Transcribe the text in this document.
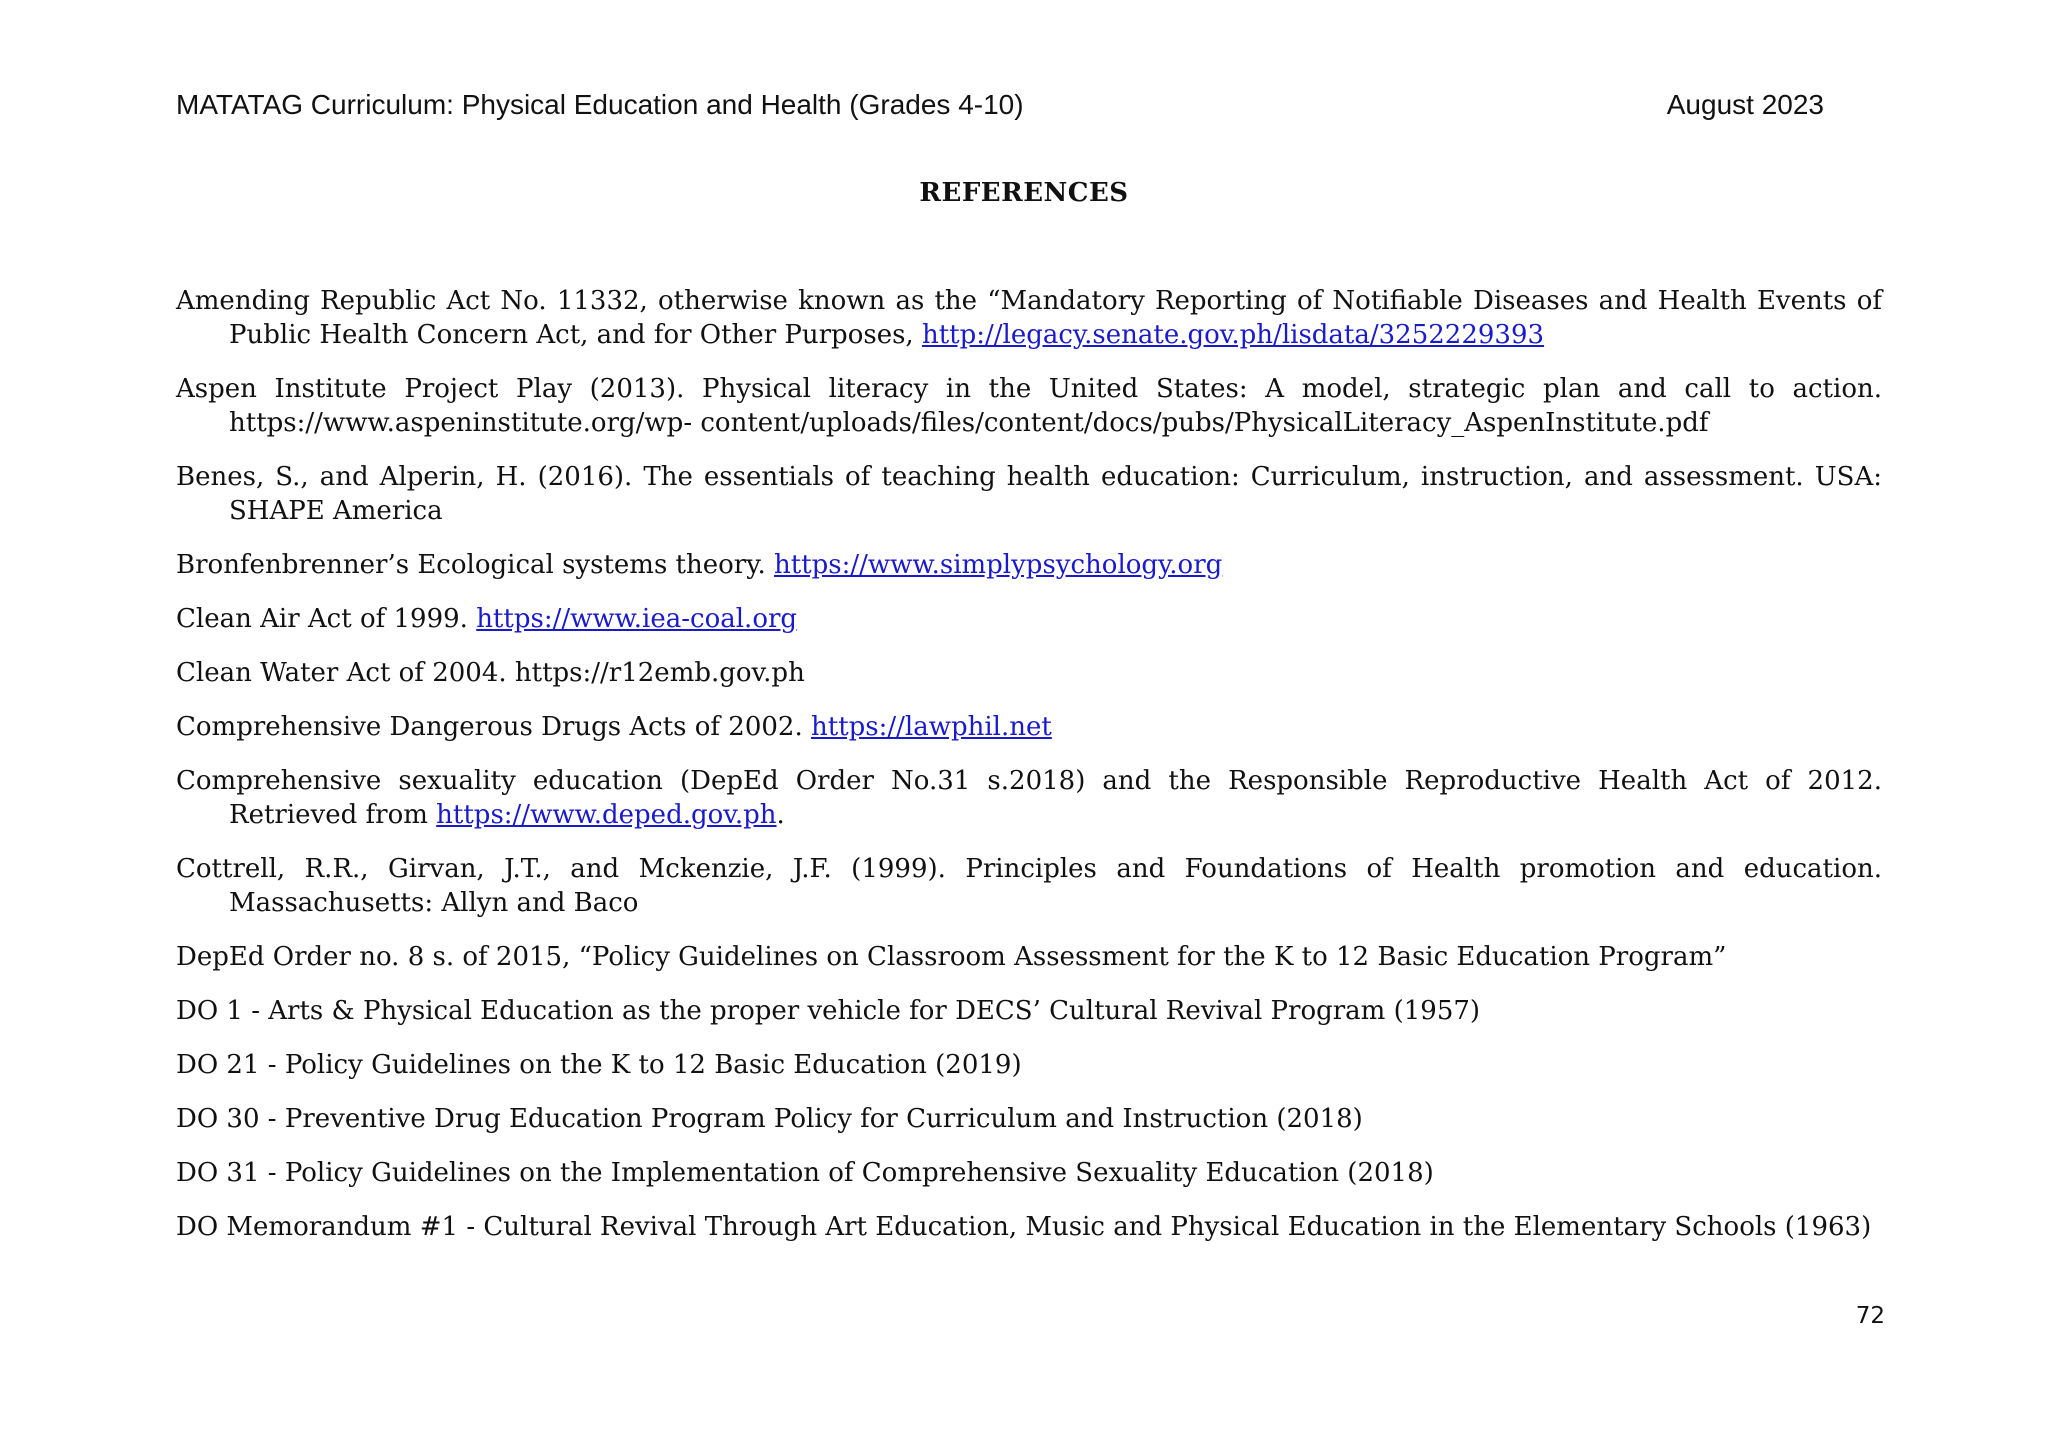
MATATAG Curriculum: Physical Education and Health (Grades 4-10)	August 2023
REFERENCES

Amending Republic Act No. 11332, otherwise known as the “Mandatory Reporting of Notifiable Diseases and Health Events of Public Health Concern Act, and for Other Purposes, http://legacy.senate.gov.ph/lisdata/3252229393

Aspen Institute Project Play (2013). Physical literacy in the United States: A model, strategic plan and call to action. https://www.aspeninstitute.org/wp- content/uploads/files/content/docs/pubs/PhysicalLiteracy_AspenInstitute.pdf

Benes, S., and Alperin, H. (2016). The essentials of teaching health education: Curriculum, instruction, and assessment. USA: SHAPE America

Bronfenbrenner’s Ecological systems theory. https://www.simplypsychology.org

Clean Air Act of 1999. https://www.iea-coal.org

Clean Water Act of 2004. https://r12emb.gov.ph

Comprehensive Dangerous Drugs Acts of 2002. https://lawphil.net

Comprehensive sexuality education (DepEd Order No.31 s.2018) and the Responsible Reproductive Health Act of 2012. Retrieved from https://www.deped.gov.ph.

Cottrell, R.R., Girvan, J.T., and Mckenzie, J.F. (1999). Principles and Foundations of Health promotion and education. Massachusetts: Allyn and Baco

DepEd Order no. 8 s. of 2015, “Policy Guidelines on Classroom Assessment for the K to 12 Basic Education Program”

DO 1 - Arts & Physical Education as the proper vehicle for DECS’ Cultural Revival Program (1957)

DO 21 - Policy Guidelines on the K to 12 Basic Education (2019)

DO 30 - Preventive Drug Education Program Policy for Curriculum and Instruction (2018)

DO 31 - Policy Guidelines on the Implementation of Comprehensive Sexuality Education (2018)

DO Memorandum #1 - Cultural Revival Through Art Education, Music and Physical Education in the Elementary Schools (1963)

72
